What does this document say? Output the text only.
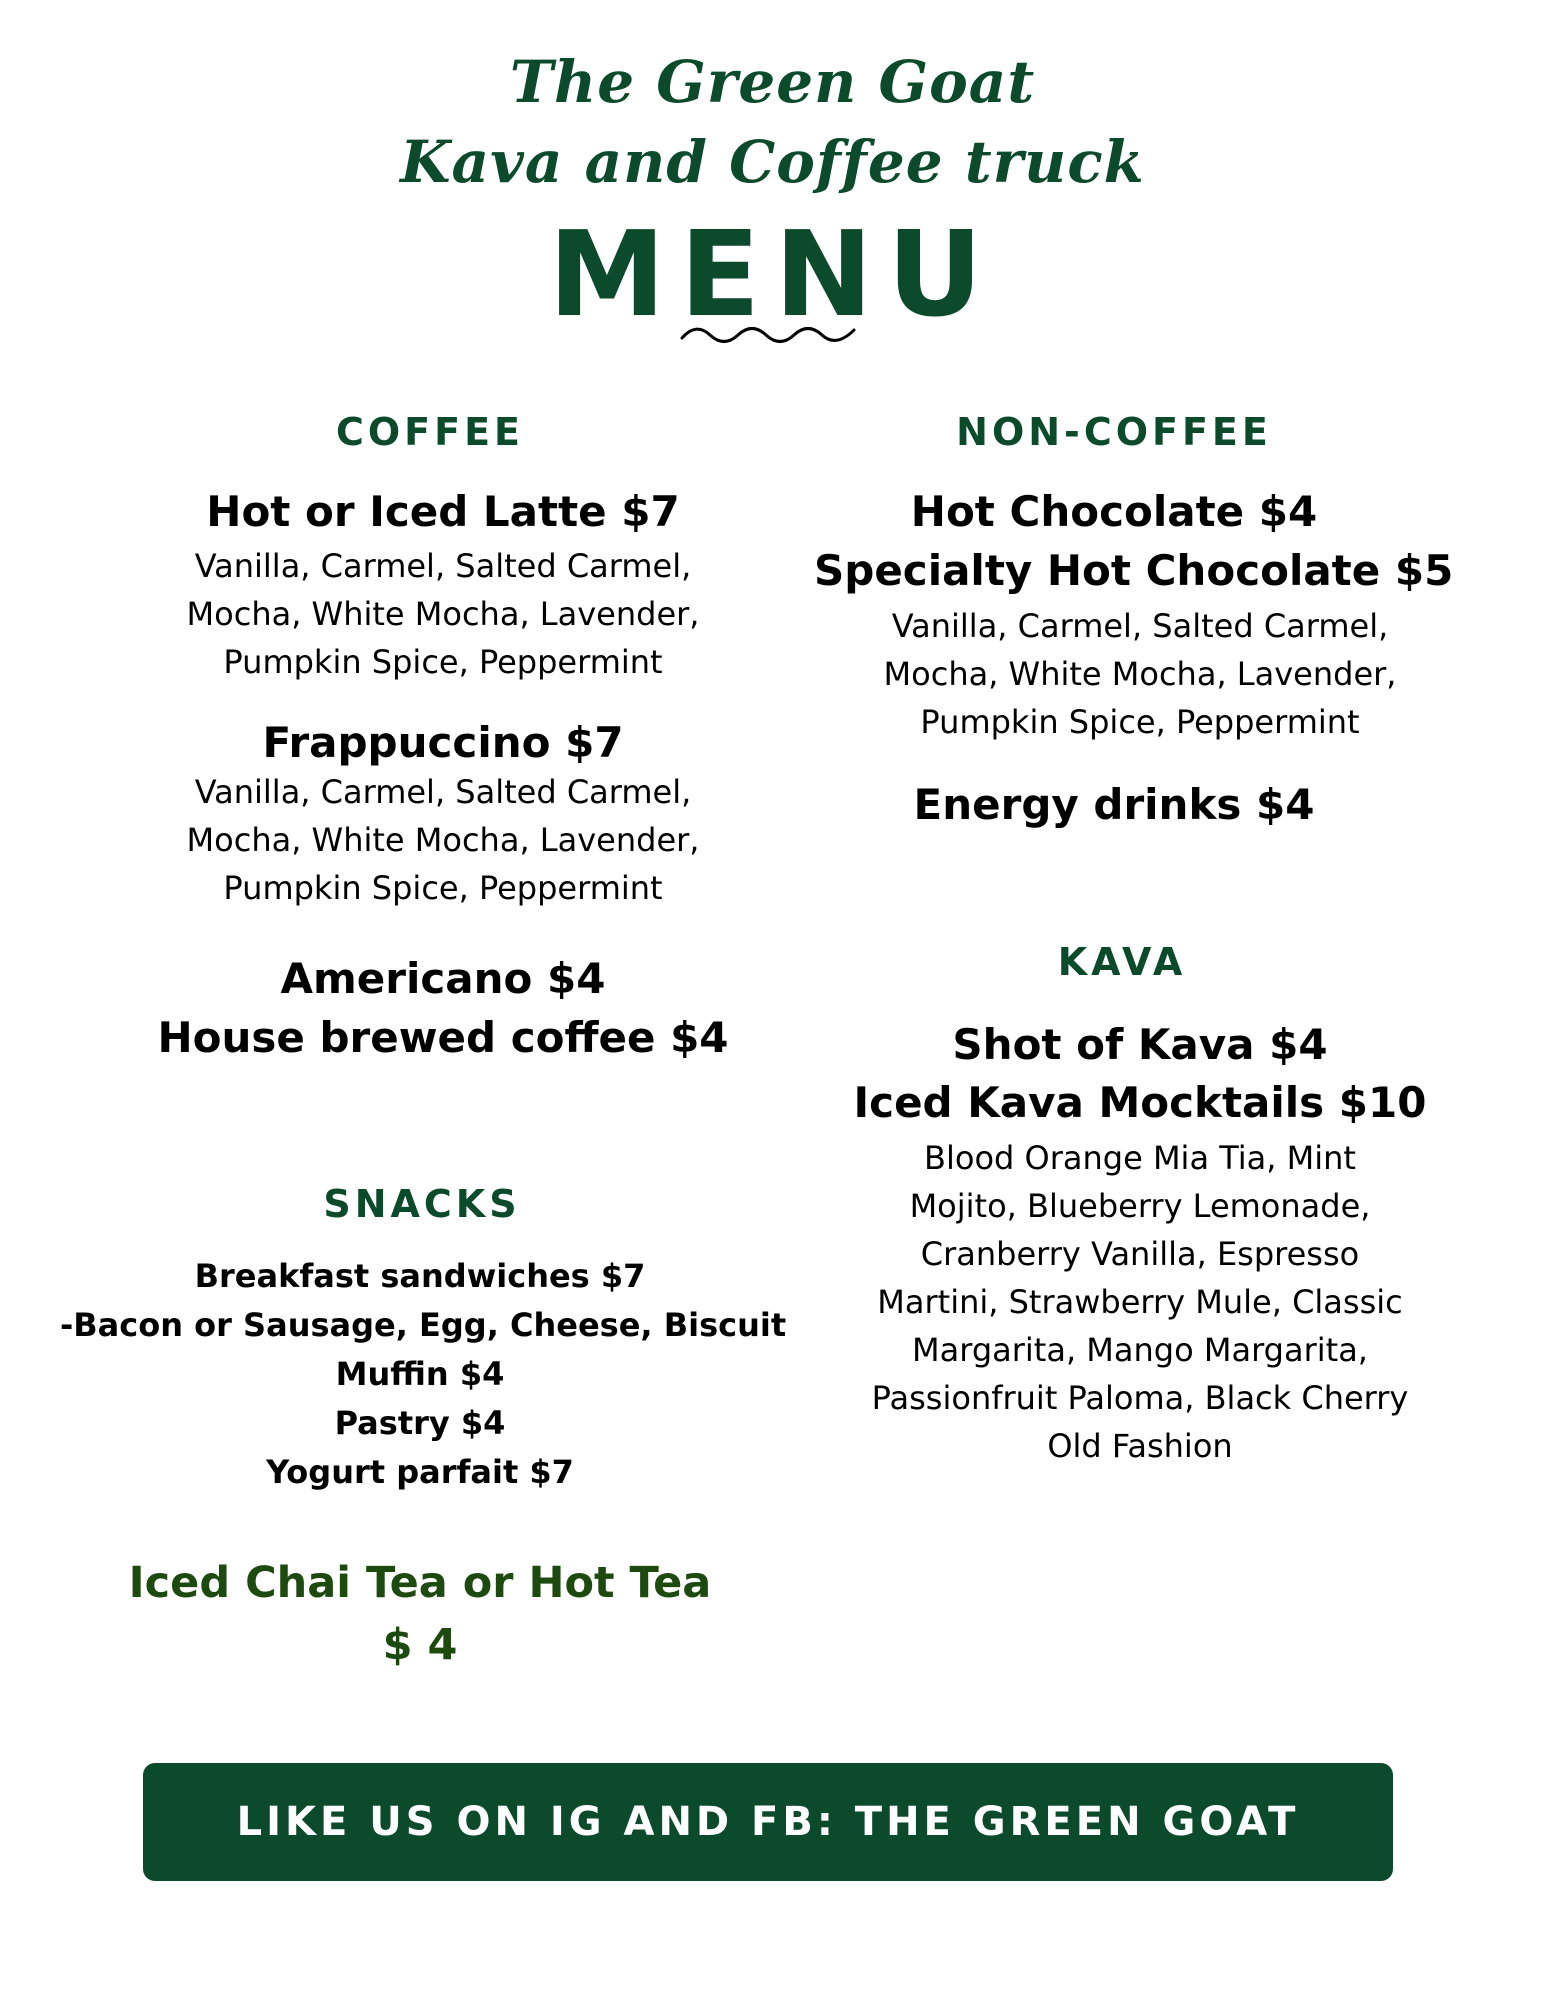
The Green Goat
Kava and Coffee truck
MENU
COFFEE
Hot or Iced Latte $7
Vanilla, Carmel, Salted Carmel,
Mocha, White Mocha, Lavender,
Pumpkin Spice, Peppermint
Frappuccino $7
Vanilla, Carmel, Salted Carmel,
Mocha, White Mocha, Lavender,
Pumpkin Spice, Peppermint
Americano $4
House brewed coffee $4
SNACKS
Breakfast sandwiches $7
-Bacon or Sausage, Egg, Cheese, Biscuit
Muffin $4
Pastry $4
Yogurt parfait $7
Iced Chai Tea or Hot Tea
$ 4
NON-COFFEE
Hot Chocolate $4
Specialty Hot Chocolate $5
Vanilla, Carmel, Salted Carmel,
Mocha, White Mocha, Lavender,
Pumpkin Spice, Peppermint
Energy drinks $4
KAVA
Shot of Kava $4
Iced Kava Mocktails $10
Blood Orange Mia Tia, Mint
Mojito, Blueberry Lemonade,
Cranberry Vanilla, Espresso
Martini, Strawberry Mule, Classic
Margarita, Mango Margarita,
Passionfruit Paloma, Black Cherry
Old Fashion
LIKE US ON IG AND FB: THE GREEN GOAT
